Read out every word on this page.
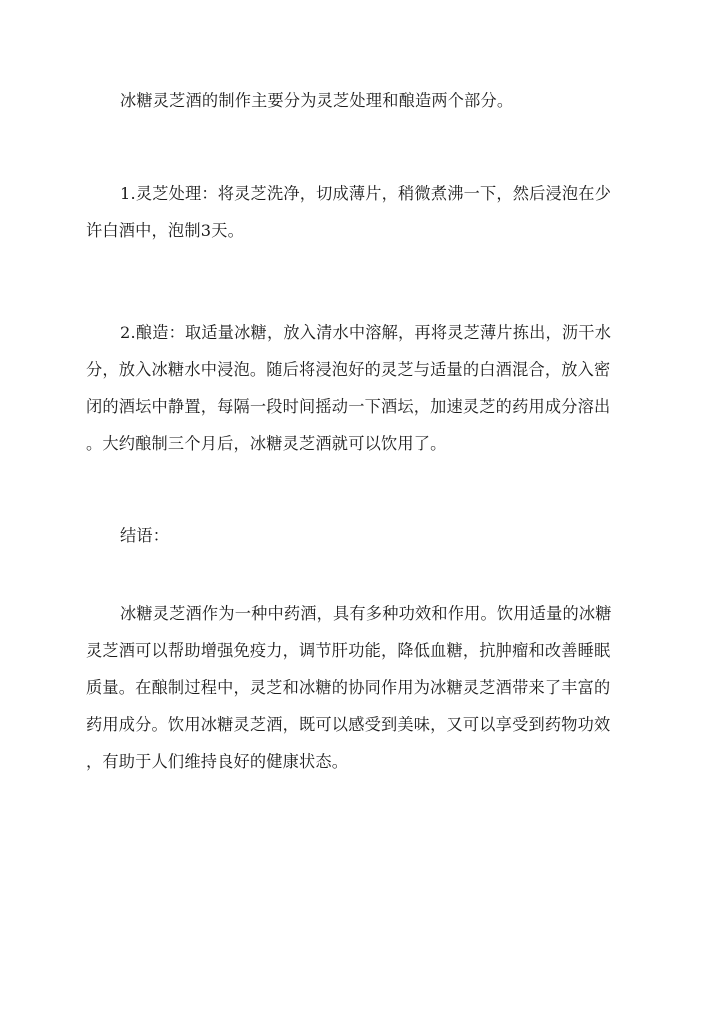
冰糖灵芝酒的制作主要分为灵芝处理和酿造两个部分。

1.灵芝处理：将灵芝洗净，切成薄片，稍微煮沸一下，然后浸泡在少
许白酒中，泡制3天。

2.酿造：取适量冰糖，放入清水中溶解，再将灵芝薄片拣出，沥干水
分，放入冰糖水中浸泡。随后将浸泡好的灵芝与适量的白酒混合，放入密
闭的酒坛中静置，每隔一段时间摇动一下酒坛，加速灵芝的药用成分溶出
。大约酿制三个月后，冰糖灵芝酒就可以饮用了。

结语：

冰糖灵芝酒作为一种中药酒，具有多种功效和作用。饮用适量的冰糖
灵芝酒可以帮助增强免疫力，调节肝功能，降低血糖，抗肿瘤和改善睡眠
质量。在酿制过程中，灵芝和冰糖的协同作用为冰糖灵芝酒带来了丰富的
药用成分。饮用冰糖灵芝酒，既可以感受到美味，又可以享受到药物功效
，有助于人们维持良好的健康状态。
